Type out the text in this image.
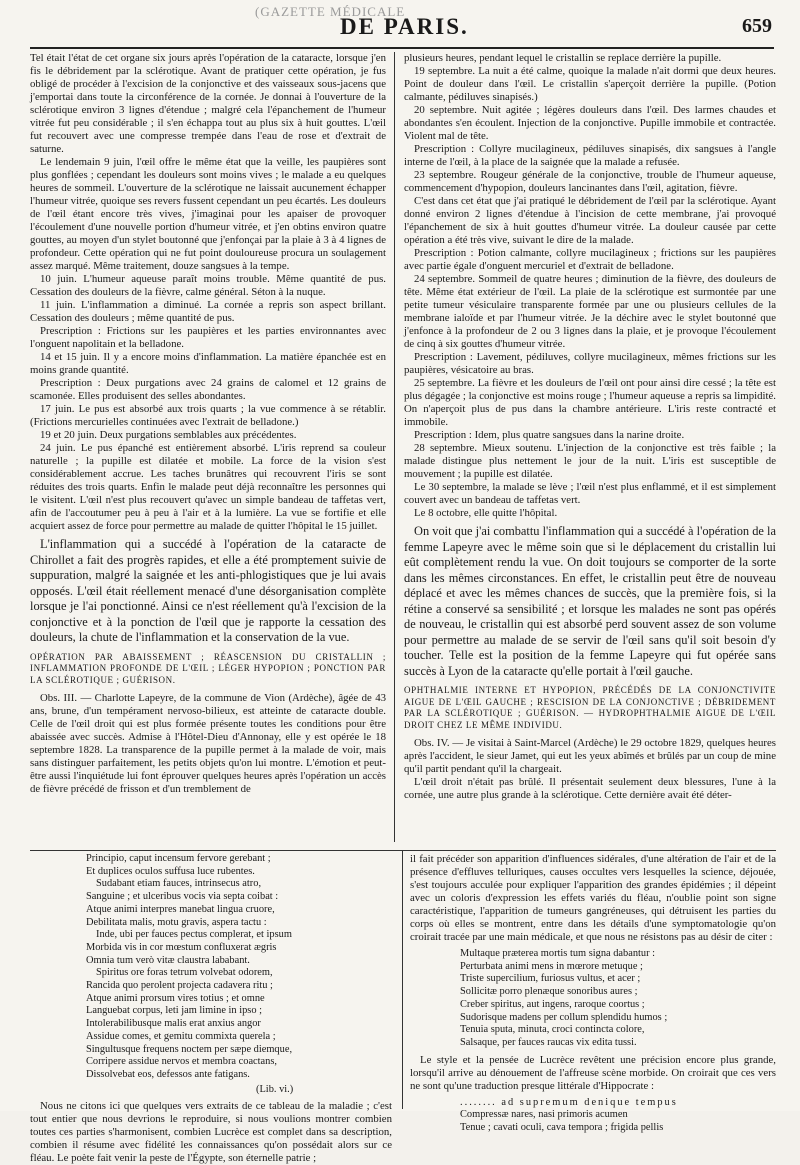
(GAZETTE MÉDICALE
DE PARIS.	659

Tel était l'état de cet organe six jours après l'opération de la cataracte, lorsque j'en fis le débridement par la sclérotique. Avant de pratiquer cette opération, je fus obligé de procéder à l'excision de la conjonctive et des vaisseaux sous-jacens que j'emportai dans toute la circonférence de la cornée. Je donnai à l'ouverture de la sclérotique environ 3 lignes d'étendue ; malgré cela l'épanchement de l'humeur vitrée fut peu considérable ; il s'en échappa tout au plus six à huit gouttes. L'œil fut recouvert avec une compresse trempée dans l'eau de rose et d'extrait de saturne.

Le lendemain 9 juin, l'œil offre le même état que la veille, les paupières sont plus gonflées ; cependant les douleurs sont moins vives ; le malade a eu quelques heures de sommeil. L'ouverture de la sclérotique ne laissait aucunement échapper l'humeur vitrée, quoique ses revers fussent cependant un peu écartés. Les douleurs de l'œil étant encore très vives, j'imaginai pour les apaiser de provoquer l'écoulement d'une nouvelle portion d'humeur vitrée, et j'en obtins environ quatre gouttes, au moyen d'un stylet boutonné que j'enfonçai par la plaie à 3 à 4 lignes de profondeur. Cette opération qui ne fut point douloureuse procura un soulagement assez marqué. Même traitement, douze sangsues à la tempe.

10 juin. L'humeur aqueuse paraît moins trouble. Même quantité de pus. Cessation des douleurs de la fièvre, calme général. Séton à la nuque.

11 juin. L'inflammation a diminué. La cornée a repris son aspect brillant. Cessation des douleurs ; même quantité de pus.

Prescription : Frictions sur les paupières et les parties environnantes avec l'onguent napolitain et la belladone.

14 et 15 juin. Il y a encore moins d'inflammation. La matière épanchée est en moins grande quantité.

Prescription : Deux purgations avec 24 grains de calomel et 12 grains de scamonée. Elles produisent des selles abondantes.

17 juin. Le pus est absorbé aux trois quarts ; la vue commence à se rétablir. (Frictions mercurielles continuées avec l'extrait de belladone.)

19 et 20 juin. Deux purgations semblables aux précédentes.

24 juin. Le pus épanché est entièrement absorbé. L'iris reprend sa couleur naturelle ; la pupille est dilatée et mobile. La force de la vision s'est considérablement accrue. Les taches brunâtres qui recouvrent l'iris se sont réduites des trois quarts. Enfin le malade peut déjà reconnaître les personnes qui le visitent. L'œil n'est plus recouvert qu'avec un simple bandeau de taffetas vert, afin de l'accoutumer peu à peu à l'air et à la lumière. La vue se fortifie et elle acquiert assez de force pour permettre au malade de quitter l'hôpital le 15 juillet.

L'inflammation qui a succédé à l'opération de la cataracte de Chirollet a fait des progrès rapides, et elle a été promptement suivie de suppuration, malgré la saignée et les anti-phlogistiques que je lui avais opposés. L'œil était réellement menacé d'une désorganisation complète lorsque je l'ai ponctionné. Ainsi ce n'est réellement qu'à l'excision de la conjonctive et à la ponction de l'œil que je rapporte la cessation des douleurs, la chute de l'inflammation et la conservation de la vue.

OPÉRATION PAR ABAISSEMENT ; RÉASCENSION DU CRISTALLIN ; INFLAMMATION PROFONDE DE L'ŒIL ; LÉGER HYPOPION ; PONCTION PAR LA SCLÉROTIQUE ; GUÉRISON.

Obs. III. — Charlotte Lapeyre, de la commune de Vion (Ardèche), âgée de 43 ans, brune, d'un tempérament nervoso-bilieux, est atteinte de cataracte double. Celle de l'œil droit qui est plus formée présente toutes les conditions pour être abaissée avec succès. Admise à l'Hôtel-Dieu d'Annonay, elle y est opérée le 18 septembre 1828. La transparence de la pupille permet à la malade de voir, mais sans distinguer parfaitement, les petits objets qu'on lui montre. L'émotion et peut-être aussi l'inquiétude lui font éprouver quelques heures après l'opération un accès de fièvre précédé de frisson et d'un tremblement de

plusieurs heures, pendant lequel le cristallin se replace derrière la pupille.

19 septembre. La nuit a été calme, quoique la malade n'ait dormi que deux heures. Point de douleur dans l'œil. Le cristallin s'aperçoit derrière la pupille. (Potion calmante, pédiluves sinapisés.)

20 septembre. Nuit agitée ; légères douleurs dans l'œil. Des larmes chaudes et abondantes s'en écoulent. Injection de la conjonctive. Pupille immobile et contractée. Violent mal de tête.

Prescription : Collyre mucilagineux, pédiluves sinapisés, dix sangsues à l'angle interne de l'œil, à la place de la saignée que la malade a refusée.

23 septembre. Rougeur générale de la conjonctive, trouble de l'humeur aqueuse, commencement d'hypopion, douleurs lancinantes dans l'œil, agitation, fièvre.

C'est dans cet état que j'ai pratiqué le débridement de l'œil par la sclérotique. Ayant donné environ 2 lignes d'étendue à l'incision de cette membrane, j'ai provoqué l'épanchement de six à huit gouttes d'humeur vitrée. La douleur causée par cette opération a été très vive, suivant le dire de la malade.

Prescription : Potion calmante, collyre mucilagineux ; frictions sur les paupières avec partie égale d'onguent mercuriel et d'extrait de belladone.

24 septembre. Sommeil de quatre heures ; diminution de la fièvre, des douleurs de tête. Même état extérieur de l'œil. La plaie de la sclérotique est surmontée par une petite tumeur vésiculaire transparente formée par une ou plusieurs cellules de la membrane ialoïde et par l'humeur vitrée. Je la déchire avec le stylet boutonné que j'enfonce à la profondeur de 2 ou 3 lignes dans la plaie, et je provoque l'écoulement de cinq à six gouttes d'humeur vitrée.

Prescription : Lavement, pédiluves, collyre mucilagineux, mêmes frictions sur les paupières, vésicatoire au bras.

25 septembre. La fièvre et les douleurs de l'œil ont pour ainsi dire cessé ; la tête est plus dégagée ; la conjonctive est moins rouge ; l'humeur aqueuse a repris sa limpidité. On n'aperçoit plus de pus dans la chambre antérieure. L'iris reste contracté et immobile.

Prescription : Idem, plus quatre sangsues dans la narine droite.

28 septembre. Mieux soutenu. L'injection de la conjonctive est très faible ; la malade distingue plus nettement le jour de la nuit. L'iris est susceptible de mouvement ; la pupille est dilatée.

Le 30 septembre, la malade se lève ; l'œil n'est plus enflammé, et il est simplement couvert avec un bandeau de taffetas vert.

Le 8 octobre, elle quitte l'hôpital.

On voit que j'ai combattu l'inflammation qui a succédé à l'opération de la femme Lapeyre avec le même soin que si le déplacement du cristallin lui eût complètement rendu la vue. On doit toujours se comporter de la sorte dans les mêmes circonstances. En effet, le cristallin peut être de nouveau déplacé et avec les mêmes chances de succès, que la première fois, si la rétine a conservé sa sensibilité ; et lorsque les malades ne sont pas opérés de nouveau, le cristallin qui est absorbé perd souvent assez de son volume pour permettre au malade de se servir de l'œil sans qu'il soit besoin d'y toucher. Telle est la position de la femme Lapeyre qui fut opérée sans succès à Lyon de la cataracte qu'elle portait à l'œil gauche.

OPHTHALMIE INTERNE ET HYPOPION, PRÉCÉDÉS DE LA CONJONCTIVITE AIGUE DE L'ŒIL GAUCHE ; RESCISION DE LA CONJONCTIVE ; DÉBRIDEMENT PAR LA SCLÉROTIQUE ; GUÉRISON. — HYDROPHTHALMIE AIGUE DE L'ŒIL DROIT CHEZ LE MÊME INDIVIDU.

Obs. IV. — Je visitai à Saint-Marcel (Ardèche) le 29 octobre 1829, quelques heures après l'accident, le sieur Jamet, qui eut les yeux abîmés et brûlés par un coup de mine qu'il partit pendant qu'il la chargeait.

L'œil droit n'était pas brûlé. Il présentait seulement deux blessures, l'une à la cornée, une autre plus grande à la sclérotique. Cette dernière avait été déter-

Principio, caput incensum fervore gerebant ;
Et duplices oculos suffusa luce rubentes.
Sudabant etiam fauces, intrinsecus atro,
Sanguine ; et ulceribus vocis via septa coibat :
Atque animi interpres manebat lingua cruore,
Debilitata malis, motu gravis, aspera tactu :
Inde, ubi per fauces pectus complerat, et ipsum
Morbida vis in cor mœstum confluxerat ægris
Omnia tum verò vitæ claustra lababant.
Spiritus ore foras tetrum volvebat odorem,
Rancida quo perolent projecta cadavera ritu ;
Atque animi prorsum vires totius ; et omne
Languebat corpus, leti jam limine in ipso ;
Intolerabilibusque malis erat anxius angor
Assidue comes, et gemitu commixta querela ;
Singultusque frequens noctem per sæpe diemque,
Corripere assidue nervos et membra coactans,
Dissolvebat eos, defessos ante fatigans.
(Lib. vi.)

Nous ne citons ici que quelques vers extraits de ce tableau de la maladie ; c'est tout entier que nous devrions le reproduire, si nous voulions montrer combien toutes ces parties s'harmonisent, combien Lucrèce est complet dans sa description, combien il résume avec fidélité les connaissances qu'on possédait alors sur ce fléau. Le poète fait venir la peste de l'Égypte, son éternelle patrie ;

il fait précéder son apparition d'influences sidérales, d'une altération de l'air et de la présence d'effluves telluriques, causes occultes vers lesquelles la science, déjouée, s'est toujours acculée pour expliquer l'apparition des grandes épidémies ; il dépeint avec un coloris d'expression les effets variés du fléau, n'oublie point son signe caractéristique, l'apparition de tumeurs gangréneuses, qui détruisent les parties du corps où elles se montrent, entre dans les détails d'une symptomatologie qu'on croirait tracée par une main médicale, et que nous ne résistons pas au désir de citer :

Multaque præterea mortis tum signa dabantur :
Perturbata animi mens in mœrore metuque ;
Triste supercilium, furiosus vultus, et acer ;
Sollicitæ porro plenæque sonoribus aures ;
Creber spiritus, aut ingens, raroque coortus ;
Sudorisque madens per collum splendidu humos ;
Tenuia sputa, minuta, croci contincta colore,
Salsaque, per fauces raucas vix edita tussi.

Le style et la pensée de Lucrèce revêtent une précision encore plus grande, lorsqu'il arrive au dénouement de l'affreuse scène morbide. On croirait que ces vers ne sont qu'une traduction presque littérale d'Hippocrate :

........ ad supremum denique tempus
Compressæ nares, nasi primoris acumen
Tenue ; cavati oculi, cava tempora ; frigida pellis
